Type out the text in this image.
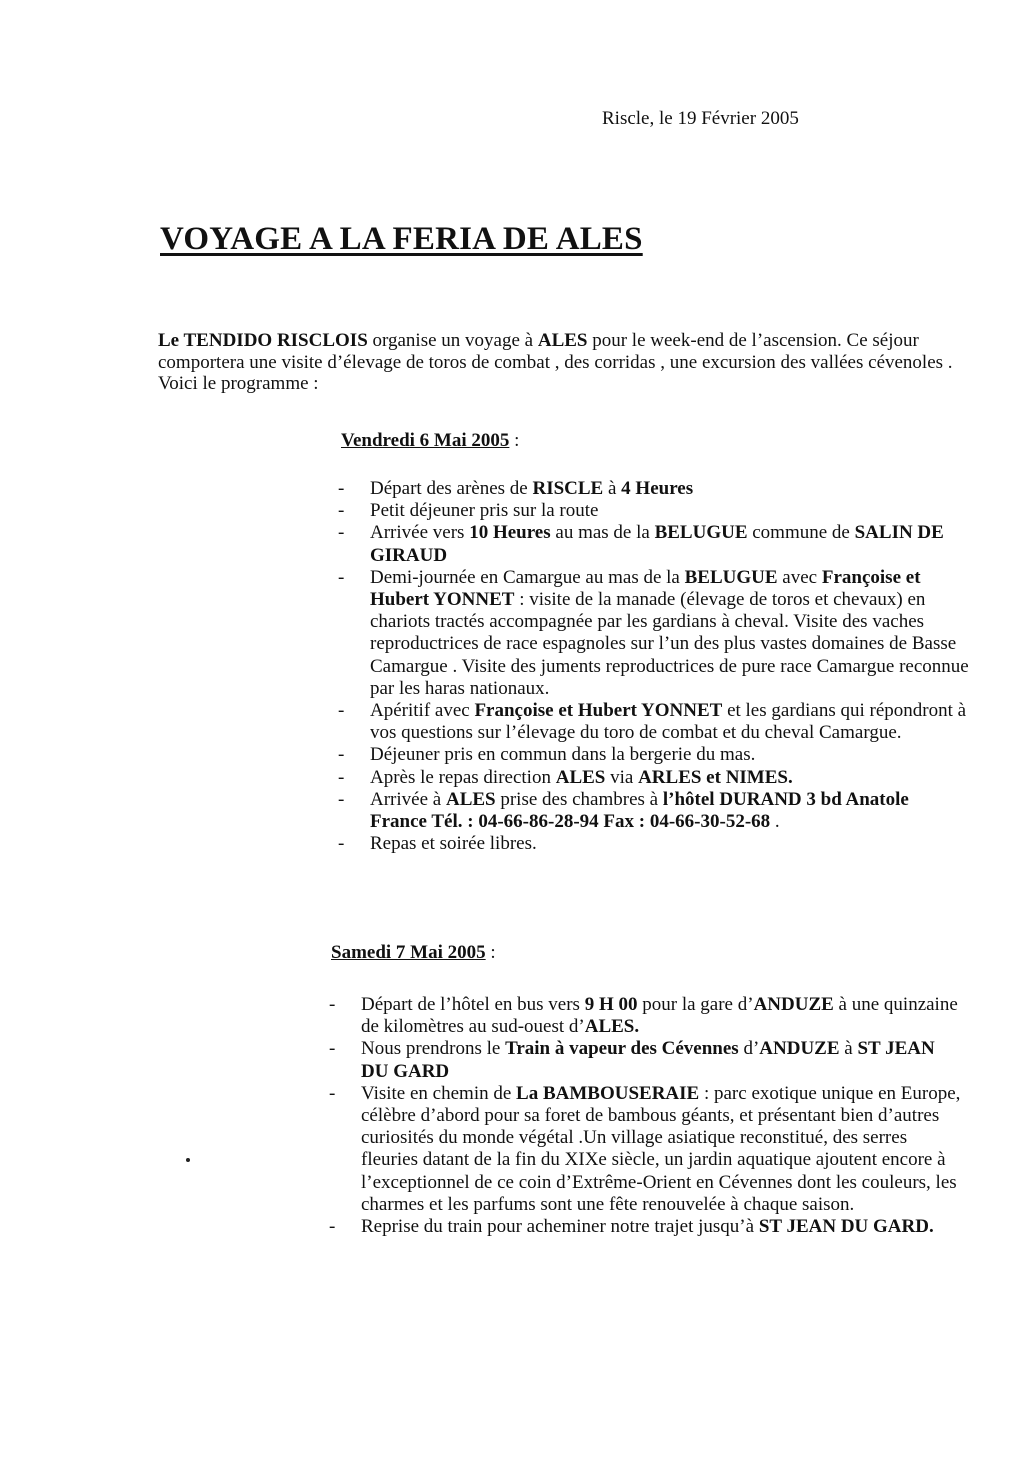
Riscle, le 19 Février 2005
VOYAGE A LA FERIA DE ALES
Le TENDIDO RISCLOIS organise un voyage à ALES pour le week-end de l’ascension. Ce séjour comportera une visite d’élevage de toros de combat , des corridas , une excursion des vallées cévenoles .
Voici le programme :
Vendredi 6 Mai 2005 :
- Départ des arènes de RISCLE à 4 Heures
- Petit déjeuner pris sur la route
- Arrivée vers 10 Heures au mas de la BELUGUE commune de SALIN DE GIRAUD
- Demi-journée en Camargue au mas de la BELUGUE avec Françoise et Hubert YONNET : visite de la manade (élevage de toros et chevaux) en chariots tractés accompagnée par les gardians à cheval. Visite des vaches reproductrices de race espagnoles sur l’un des plus vastes domaines de Basse Camargue . Visite des juments reproductrices de pure race Camargue reconnue par les haras nationaux.
- Apéritif avec Françoise et Hubert YONNET et les gardians qui répondront à vos questions sur l’élevage du toro de combat et du cheval Camargue.
- Déjeuner pris en commun dans la bergerie du mas.
- Après le repas direction ALES via ARLES et NIMES.
- Arrivée à ALES prise des chambres à l’hôtel DURAND 3 bd Anatole France Tél. : 04-66-86-28-94 Fax : 04-66-30-52-68 .
- Repas et soirée libres.
Samedi 7 Mai 2005 :
- Départ de l’hôtel en bus vers 9 H 00 pour la gare d’ANDUZE à une quinzaine de kilomètres au sud-ouest d’ALES.
- Nous prendrons le Train à vapeur des Cévennes d’ANDUZE à ST JEAN DU GARD
- Visite en chemin de La BAMBOUSERAIE : parc exotique unique en Europe, célèbre d’abord pour sa foret de bambous géants, et présentant bien d’autres curiosités du monde végétal .Un village asiatique reconstitué, des serres fleuries datant de la fin du XIXe siècle, un jardin aquatique ajoutent encore à l’exceptionnel de ce coin d’Extrême-Orient en Cévennes dont les couleurs, les charmes et les parfums sont une fête renouvelée à chaque saison.
- Reprise du train pour acheminer notre trajet jusqu’à ST JEAN DU GARD.
